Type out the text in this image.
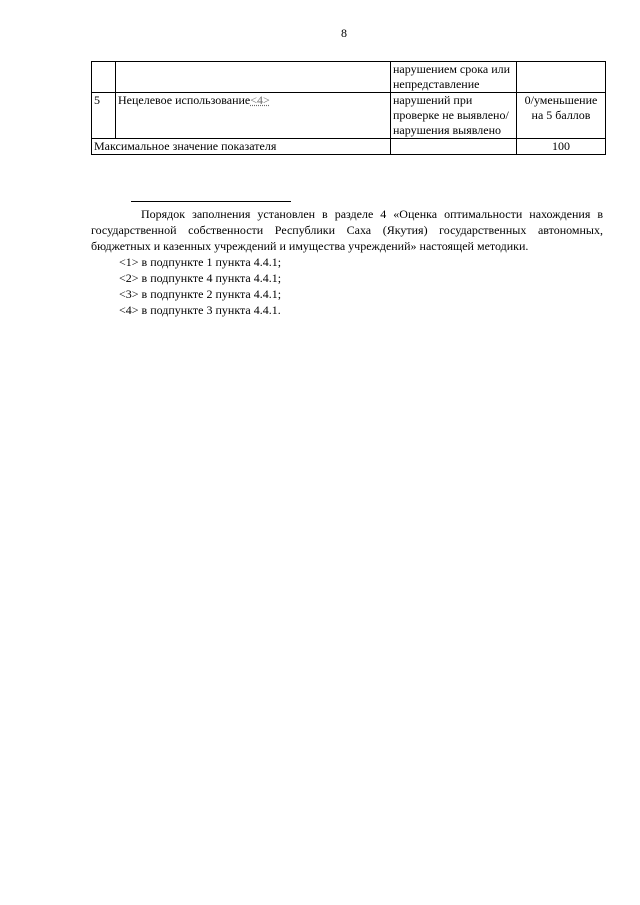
8
		нарушением срока или непредставление	
5	Нецелевое использование<4>	нарушений при проверке не выявлено/нарушения выявлено	0/уменьшение на 5 баллов
Максимальное значение показателя			100

Порядок заполнения установлен в разделе 4 «Оценка оптимальности нахождения в государственной собственности Республики Саха (Якутия) государственных автономных, бюджетных и казенных учреждений и имущества учреждений» настоящей методики.

<1> в подпункте 1 пункта 4.4.1;

<2> в подпункте 4 пункта 4.4.1;

<3> в подпункте 2 пункта 4.4.1;

<4> в подпункте 3 пункта 4.4.1.
